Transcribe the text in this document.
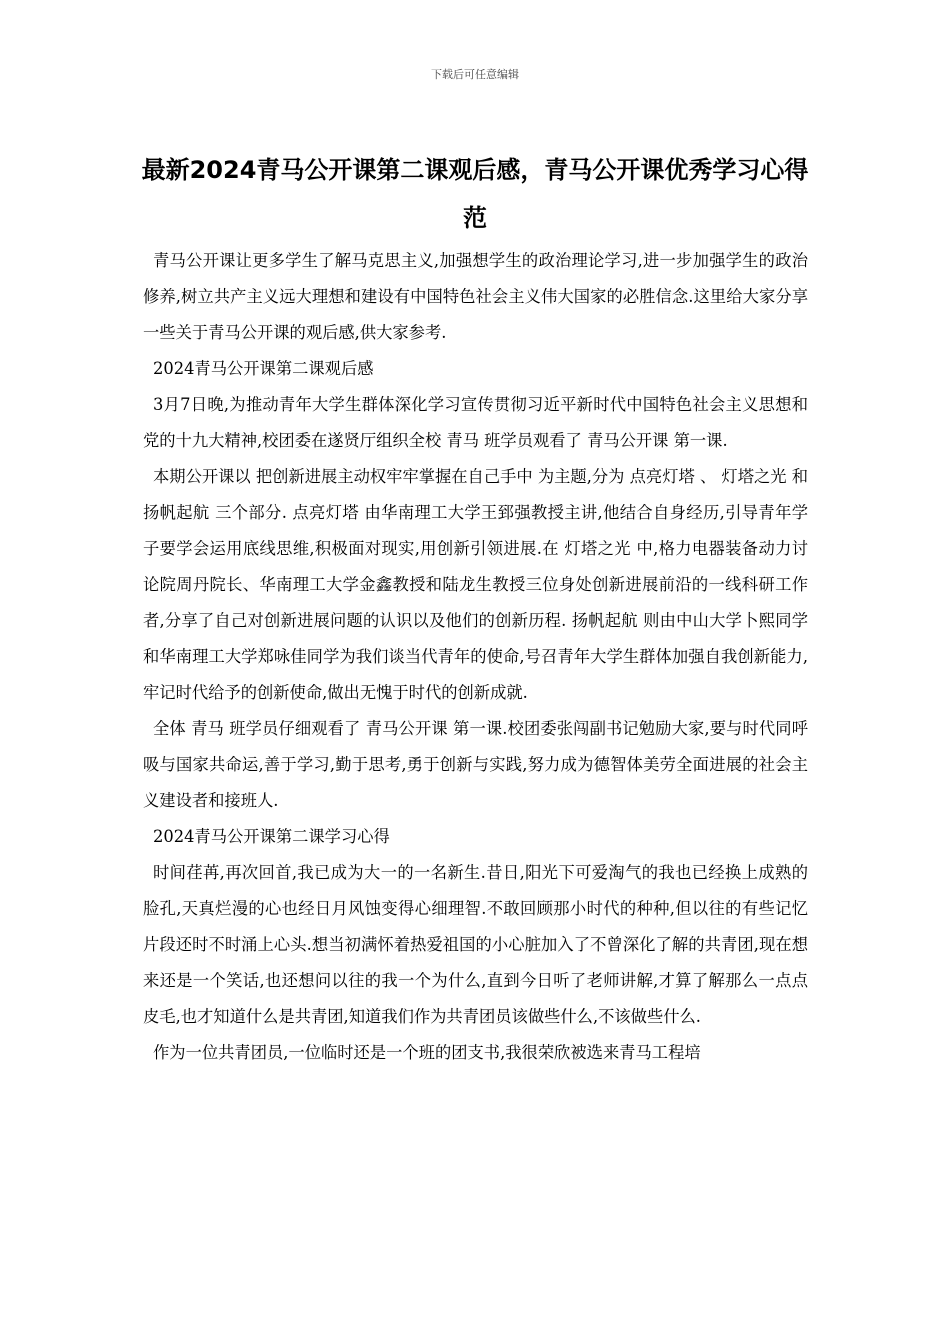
下载后可任意编辑
最新2024青马公开课第二课观后感，青马公开课优秀学习心得范

青马公开课让更多学生了解马克思主义,加强想学生的政治理论学习,进一步加强学生的政治修养,树立共产主义远大理想和建设有中国特色社会主义伟大国家的必胜信念.这里给大家分享一些关于青马公开课的观后感,供大家参考.

2024青马公开课第二课观后感

3月7日晚,为推动青年大学生群体深化学习宣传贯彻习近平新时代中国特色社会主义思想和党的十九大精神,校团委在遂贤厅组织全校 青马 班学员观看了 青马公开课 第一课.

本期公开课以 把创新进展主动权牢牢掌握在自己手中 为主题,分为 点亮灯塔 、 灯塔之光 和 扬帆起航 三个部分. 点亮灯塔 由华南理工大学王郅强教授主讲,他结合自身经历,引导青年学子要学会运用底线思维,积极面对现实,用创新引领进展.在 灯塔之光 中,格力电器装备动力讨论院周丹院长、华南理工大学金鑫教授和陆龙生教授三位身处创新进展前沿的一线科研工作者,分享了自己对创新进展问题的认识以及他们的创新历程. 扬帆起航 则由中山大学卜熙同学和华南理工大学郑咏佳同学为我们谈当代青年的使命,号召青年大学生群体加强自我创新能力,牢记时代给予的创新使命,做出无愧于时代的创新成就.

全体 青马 班学员仔细观看了 青马公开课 第一课.校团委张闯副书记勉励大家,要与时代同呼吸与国家共命运,善于学习,勤于思考,勇于创新与实践,努力成为德智体美劳全面进展的社会主义建设者和接班人.

2024青马公开课第二课学习心得

时间荏苒,再次回首,我已成为大一的一名新生.昔日,阳光下可爱淘气的我也已经换上成熟的脸孔,天真烂漫的心也经日月风蚀变得心细理智.不敢回顾那小时代的种种,但以往的有些记忆片段还时不时涌上心头.想当初满怀着热爱祖国的小心脏加入了不曾深化了解的共青团,现在想来还是一个笑话,也还想问以往的我一个为什么,直到今日听了老师讲解,才算了解那么一点点皮毛,也才知道什么是共青团,知道我们作为共青团员该做些什么,不该做些什么.

作为一位共青团员,一位临时还是一个班的团支书,我很荣欣被选来青马工程培
